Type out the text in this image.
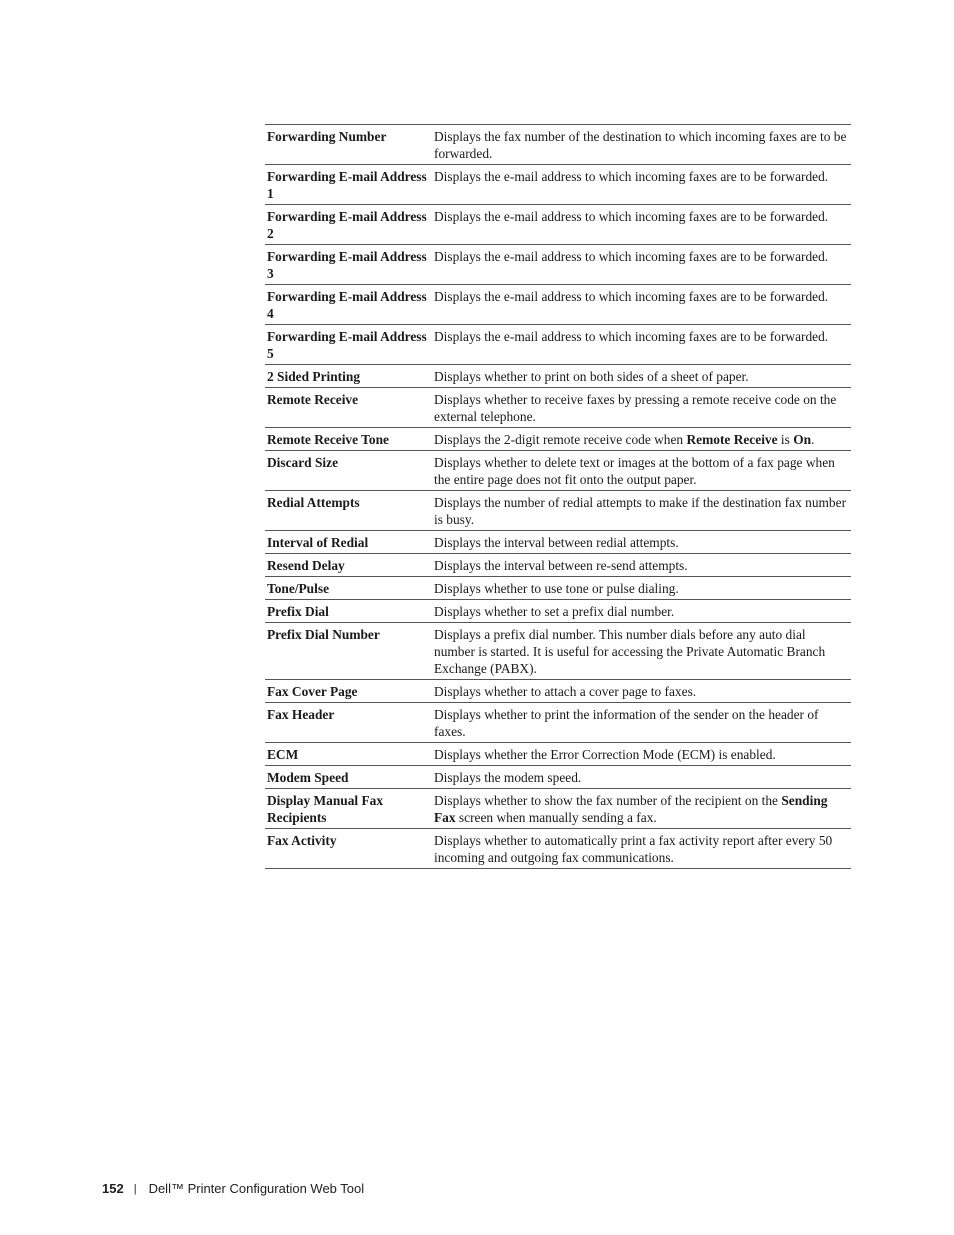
Forwarding Number	Displays the fax number of the destination to which incoming faxes are to be forwarded.
Forwarding E-mail Address 1	Displays the e-mail address to which incoming faxes are to be forwarded.
Forwarding E-mail Address 2	Displays the e-mail address to which incoming faxes are to be forwarded.
Forwarding E-mail Address 3	Displays the e-mail address to which incoming faxes are to be forwarded.
Forwarding E-mail Address 4	Displays the e-mail address to which incoming faxes are to be forwarded.
Forwarding E-mail Address 5	Displays the e-mail address to which incoming faxes are to be forwarded.
2 Sided Printing	Displays whether to print on both sides of a sheet of paper.
Remote Receive	Displays whether to receive faxes by pressing a remote receive code on the external telephone.
Remote Receive Tone	Displays the 2-digit remote receive code when Remote Receive is On.
Discard Size	Displays whether to delete text or images at the bottom of a fax page when the entire page does not fit onto the output paper.
Redial Attempts	Displays the number of redial attempts to make if the destination fax number is busy.
Interval of Redial	Displays the interval between redial attempts.
Resend Delay	Displays the interval between re-send attempts.
Tone/Pulse	Displays whether to use tone or pulse dialing.
Prefix Dial	Displays whether to set a prefix dial number.
Prefix Dial Number	Displays a prefix dial number. This number dials before any auto dial number is started. It is useful for accessing the Private Automatic Branch Exchange (PABX).
Fax Cover Page	Displays whether to attach a cover page to faxes.
Fax Header	Displays whether to print the information of the sender on the header of faxes.
ECM	Displays whether the Error Correction Mode (ECM) is enabled.
Modem Speed	Displays the modem speed.
Display Manual Fax Recipients	Displays whether to show the fax number of the recipient on the Sending Fax screen when manually sending a fax.
Fax Activity	Displays whether to automatically print a fax activity report after every 50 incoming and outgoing fax communications.
152 | Dell™ Printer Configuration Web Tool
